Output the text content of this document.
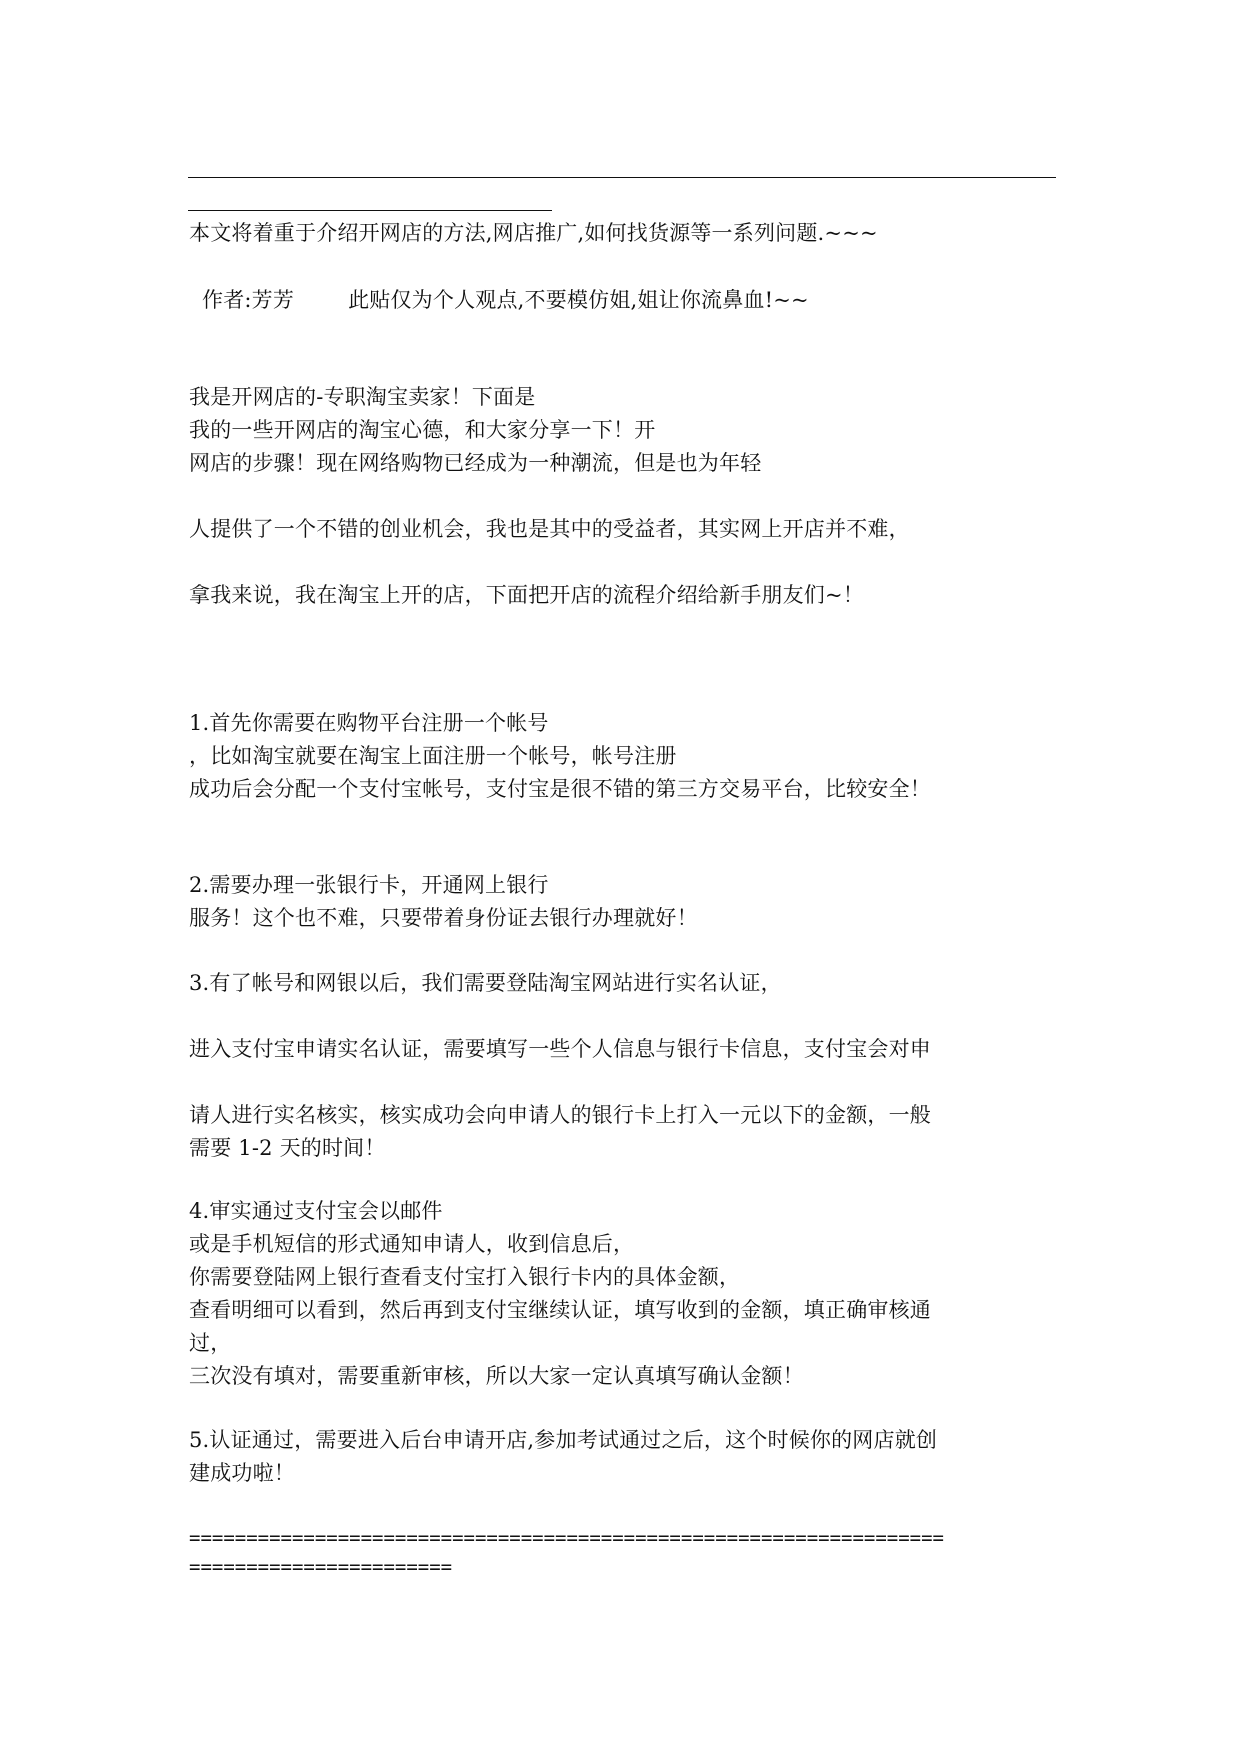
本文将着重于介绍开网店的方法,网店推广,如何找货源等一系列问题.~~~
作者:芳芳	此贴仅为个人观点,不要模仿姐,姐让你流鼻血!~~
我是开网店的-专职淘宝卖家！下面是
我的一些开网店的淘宝心德，和大家分享一下！开
网店的步骤！现在网络购物已经成为一种潮流，但是也为年轻
人提供了一个不错的创业机会，我也是其中的受益者，其实网上开店并不难，
拿我来说，我在淘宝上开的店，下面把开店的流程介绍给新手朋友们~！
1.首先你需要在购物平台注册一个帐号
，比如淘宝就要在淘宝上面注册一个帐号，帐号注册
成功后会分配一个支付宝帐号，支付宝是很不错的第三方交易平台，比较安全！
2.需要办理一张银行卡，开通网上银行
服务！这个也不难，只要带着身份证去银行办理就好！
3.有了帐号和网银以后，我们需要登陆淘宝网站进行实名认证，
进入支付宝申请实名认证，需要填写一些个人信息与银行卡信息，支付宝会对申
请人进行实名核实，核实成功会向申请人的银行卡上打入一元以下的金额，一般
需要 1-2 天的时间！
4.审实通过支付宝会以邮件
或是手机短信的形式通知申请人，收到信息后，
你需要登陆网上银行查看支付宝打入银行卡内的具体金额，
查看明细可以看到，然后再到支付宝继续认证，填写收到的金额，填正确审核通
过，
三次没有填对，需要重新审核，所以大家一定认真填写确认金额！
5.认证通过，需要进入后台申请开店,参加考试通过之后，这个时候你的网店就创
建成功啦！
==================================================================
=======================
